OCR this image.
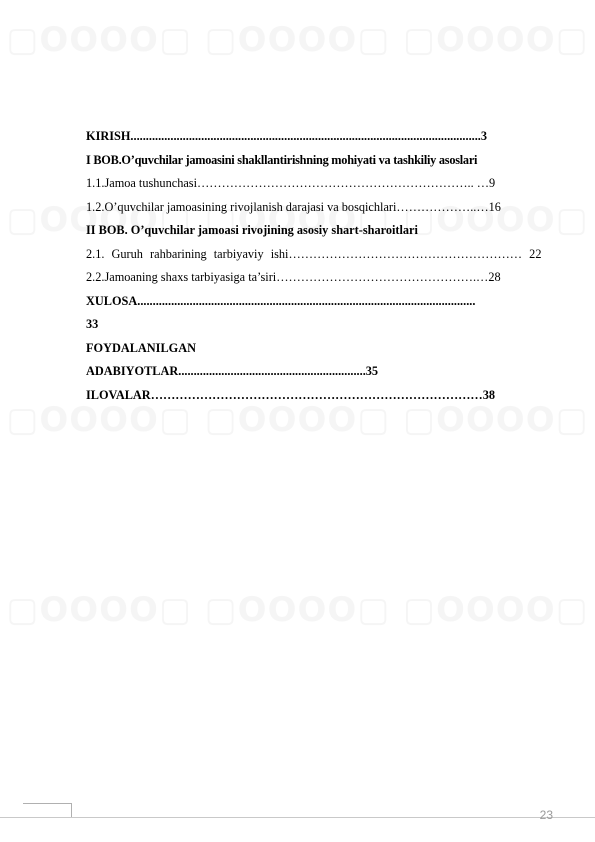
KIRISH..................................................................................................................3
I BOB.O’quvchilar jamoasini shakllantirishning mohiyati va tashkiliy asoslari
1.1.Jamoa tushunchasi………………………………………………………….. …9
1.2.O’quvchilar jamoasining rivojlanish darajasi va bosqichlari………………..…16
II BOB. O’quvchilar jamoasi rivojining asosiy shart-sharoitlari
2.1. Guruh rahbarining tarbiyaviy ishi………………………………………………… 22
2.2.Jamoaning shaxs tarbiyasiga ta’siri………………………………………….…28
XULOSA..............................................................................................................
33
FOYDALANILGAN
ADABIYOTLAR.............................................................35
ILOVALAR………………………………………………………………………38
23
